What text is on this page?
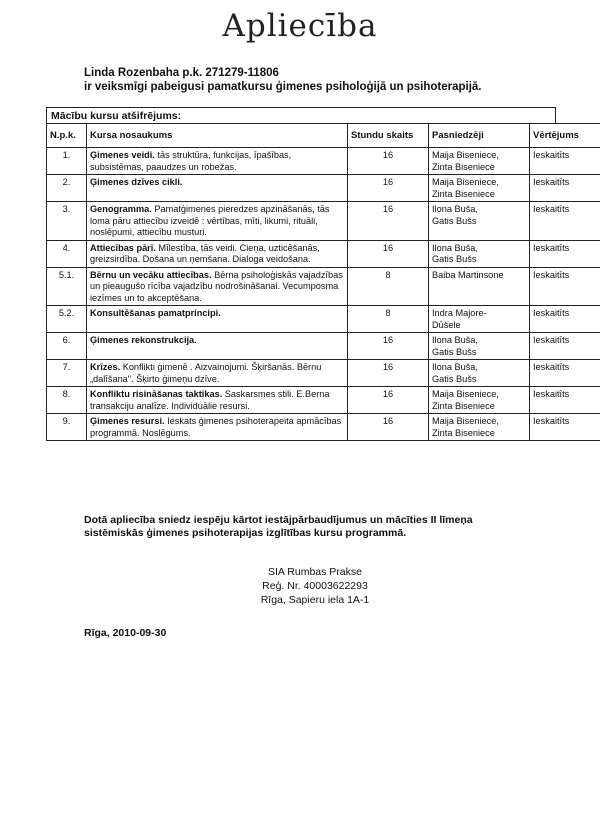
Apliecība
Linda Rozenbaha p.k. 271279-11806
ir veiksmīgi pabeigusi pamatkursu ģimenes psiholoģijā un psihoterapijā.
Mācību kursu atšifrējums:
N.p.k.	Kursa nosaukums	Stundu skaits	Pasniedzēji	Vērtējums
1.	Ģimenes veidi. tās struktūra, funkcijas, īpašības, subsistēmas, paaudzes un robežas.	16	Maija Biseniece,
Zinta Biseniece	Ieskaitīts
2.	Ģimenes dzīves cikli.	16	Maija Biseniece,
Zinta Biseniece	Ieskaitīts
3.	Genogramma. Pamatģimenes pieredzes apzināšanās, tās loma pāru attiecību izveidē : vērtības, mīti, likumi, rituāli, noslēpumi, attiecību musturi.	16	Ilona Buša,
Gatis Bušs	Ieskaitīts
4.	Attiecības pārī. Mīlestība, tās veidi. Cieņa, uzticēšanās, greizsirdība. Došana un ņemšana. Dialoga veidošana.	16	Ilona Buša,
Gatis Bušs	Ieskaitīts
5.1.	Bērnu un vecāku attiecības. Bērna psiholoģiskās vajadzības un pieaugušo rīcība vajadzību nodrošināšanai. Vecumposma iezīmes un to akceptēšana.	8	Baiba Martinsone	Ieskaitīts
5.2.	Konsultēšanas pamatprincipi.	8	Indra Majore-
Dūšele	Ieskaitīts
6.	Ģimenes rekonstrukcija.	16	Ilona Buša,
Gatis Bušs	Ieskaitīts
7.	Krīzes. Konflikti ģimenē . Aizvainojumi. Šķiršanās. Bērnu „dalīšana". Šķirto ģimeņu dzīve.	16	Ilona Buša,
Gatis Bušs	Ieskaitīts
8.	Konfliktu risināšanas taktikas. Saskarsmes stili. E.Berna transakciju analīze. Individuālie resursi.	16	Maija Biseniece,
Zinta Biseniece	Ieskaitīts
9.	Ģimenes resursi. Ieskats ģimenes psihoterapeita apmācības programmā. Noslēgums.	16	Maija Biseniece,
Zinta Biseniece	Ieskaitīts
Dotā apliecība sniedz iespēju kārtot iestājpārbaudījumus un mācīties II līmeņa
sistēmiskās ģimenes psihoterapijas izglītības kursu programmā.
SIA Rumbas Prakse
Reģ. Nr. 40003622293
Rīga, Sapieru iela 1A-1
Rīga, 2010-09-30
